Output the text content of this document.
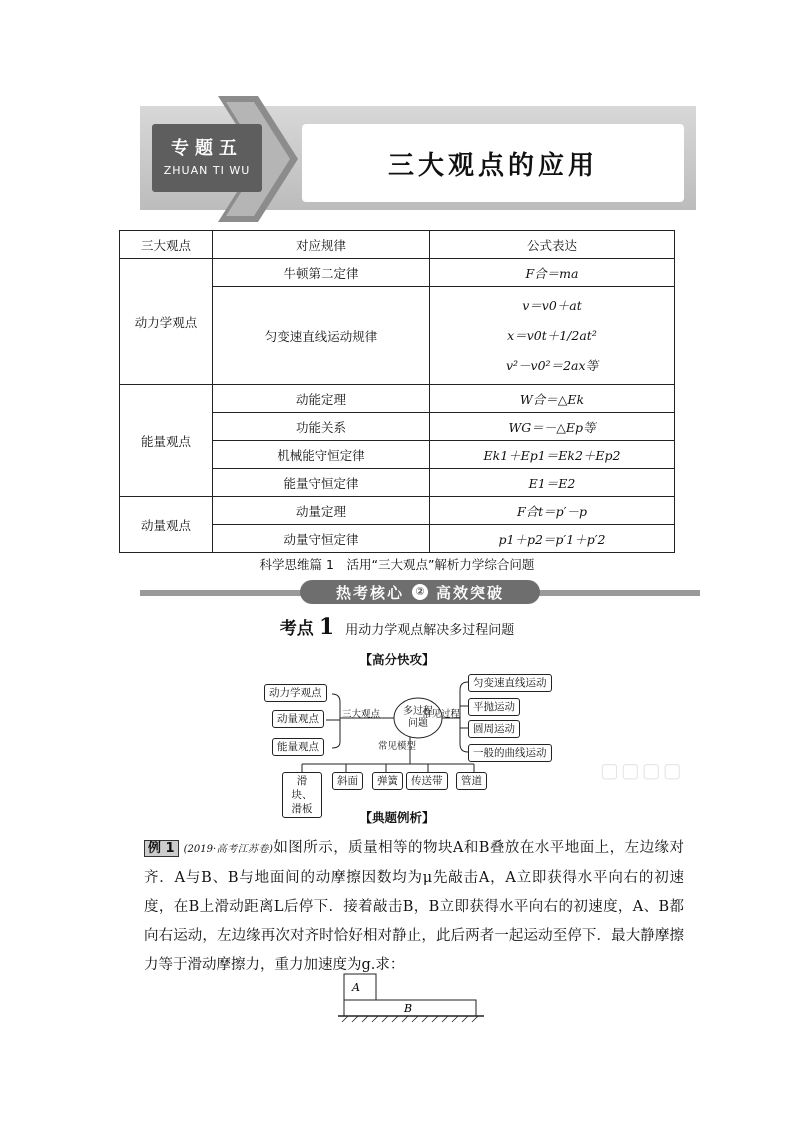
专题五
ZHUAN TI WU	三大观点的应用
三大观点	对应规律	公式表达
动力学观点	牛顿第二定律	F合＝ma
	匀变速直线运动规律	v＝v0＋at
x＝v0t＋1/2at²
v²－v0²＝2ax等

能量观点	动能定理	W合＝△Ek
	功能关系	WG＝－△Ep等
	机械能守恒定律	Ek1＋Ep1＝Ek2＋Ep2
	能量守恒定律	E1＝E2
动量观点	动量定理	F合t＝p′－p
	动量守恒定律	p1＋p2＝p′1＋p′2
科学思维篇 1　活用“三大观点”解析力学综合问题
热考核心	② 高效突破
考点 1 用动力学观点解决多过程问题
【高分快攻】
动力学观点
动量观点
能量观点
三大观点	多过程问题
常见过程
常见模型
匀变速直线运动
平抛运动
圆周运动
一般的曲线运动
滑块、滑板
斜面	弹簧	传送带	管道	▢▢▢▢
【典题例析】
例 1 (2019·高考江苏卷)如图所示，质量相等的物块A和B叠放在水平地面上，左边缘对齐．A与B、B与地面间的动摩擦因数均为μ先敲击A，A立即获得水平向右的初速度，在B上滑动距离L后停下．接着敲击B，B立即获得水平向右的初速度，A、B都向右运动，左边缘再次对齐时恰好相对静止，此后两者一起运动至停下．最大静摩擦力等于滑动摩擦力，重力加速度为g.求：
A
B
